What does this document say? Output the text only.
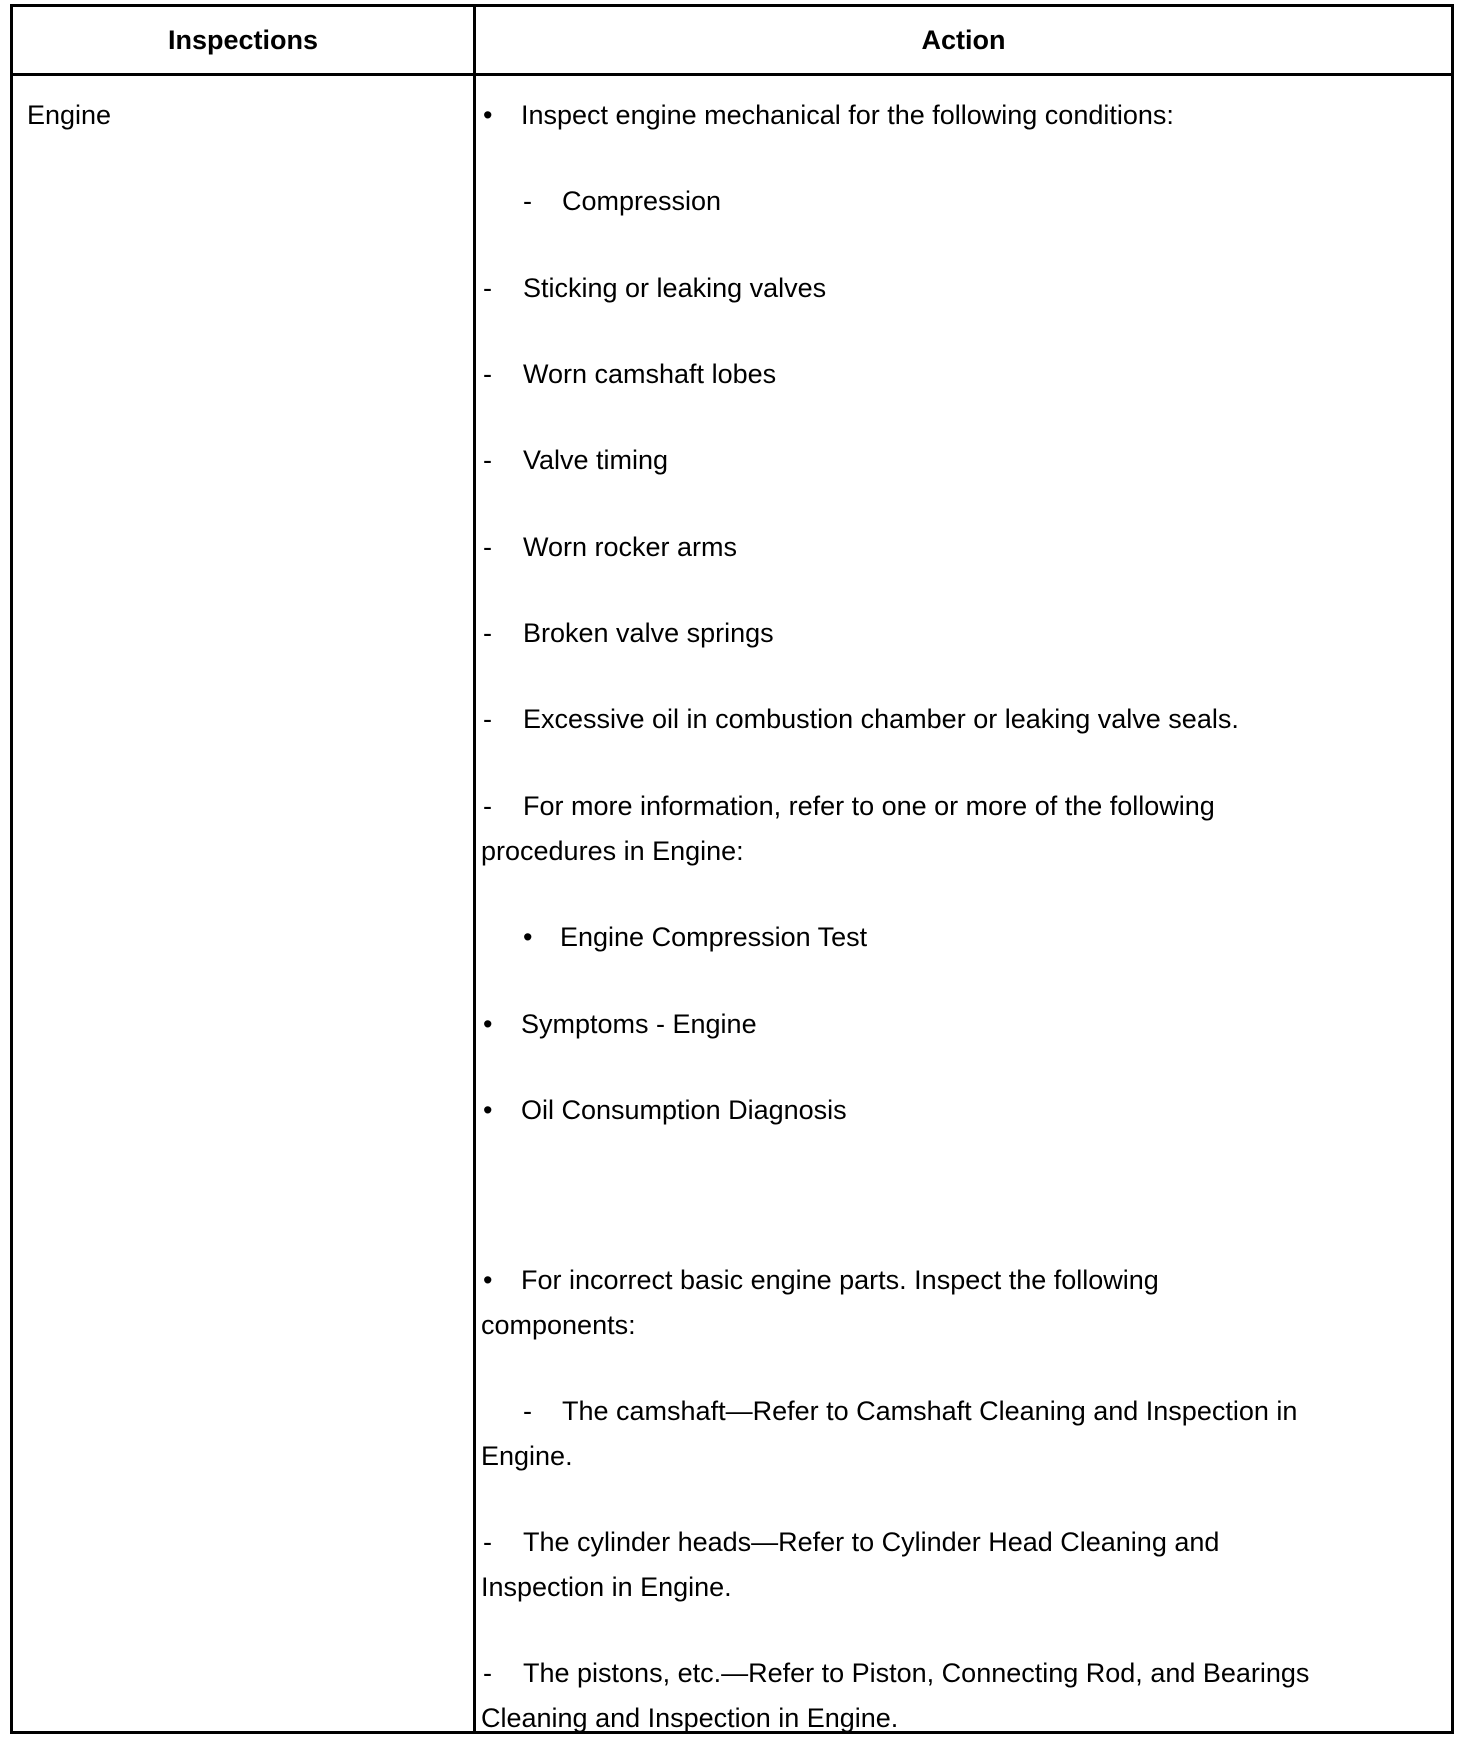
Inspections	Action
Engine	• Inspect engine mechanical for the following conditions:
- Compression
- Sticking or leaking valves
- Worn camshaft lobes
- Valve timing
- Worn rocker arms
- Broken valve springs
- Excessive oil in combustion chamber or leaking valve seals.
- For more information, refer to one or more of the following
procedures in Engine:
• Engine Compression Test
• Symptoms - Engine
• Oil Consumption Diagnosis
• For incorrect basic engine parts. Inspect the following
components:
- The camshaft—Refer to Camshaft Cleaning and Inspection in
Engine.
- The cylinder heads—Refer to Cylinder Head Cleaning and
Inspection in Engine.
- The pistons, etc.—Refer to Piston, Connecting Rod, and Bearings
Cleaning and Inspection in Engine.
